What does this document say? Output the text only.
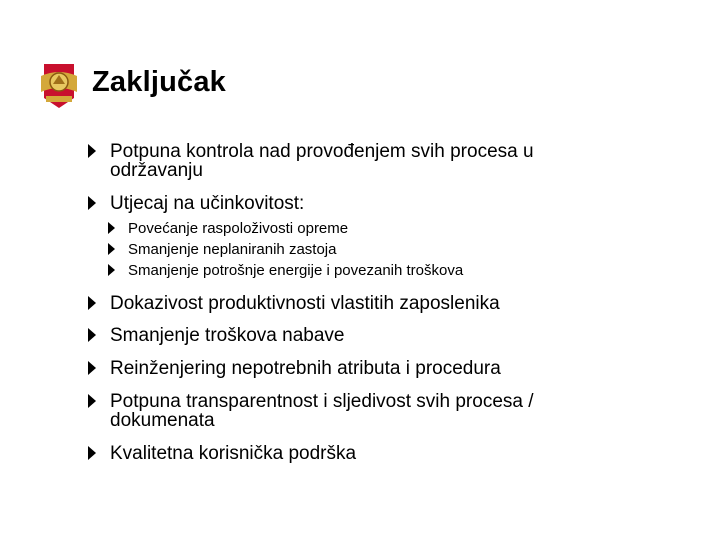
Zaključak
Potpuna kontrola nad provođenjem svih procesa u održavanju
Utjecaj na učinkovitost:
Povećanje raspoloživosti opreme
Smanjenje neplaniranih zastoja
Smanjenje potrošnje energije i povezanih troškova
Dokazivost produktivnosti vlastitih zaposlenika
Smanjenje troškova nabave
Reinženjering nepotrebnih atributa i procedura
Potpuna transparentnost i sljedivost svih procesa / dokumenata
Kvalitetna korisnička podrška
